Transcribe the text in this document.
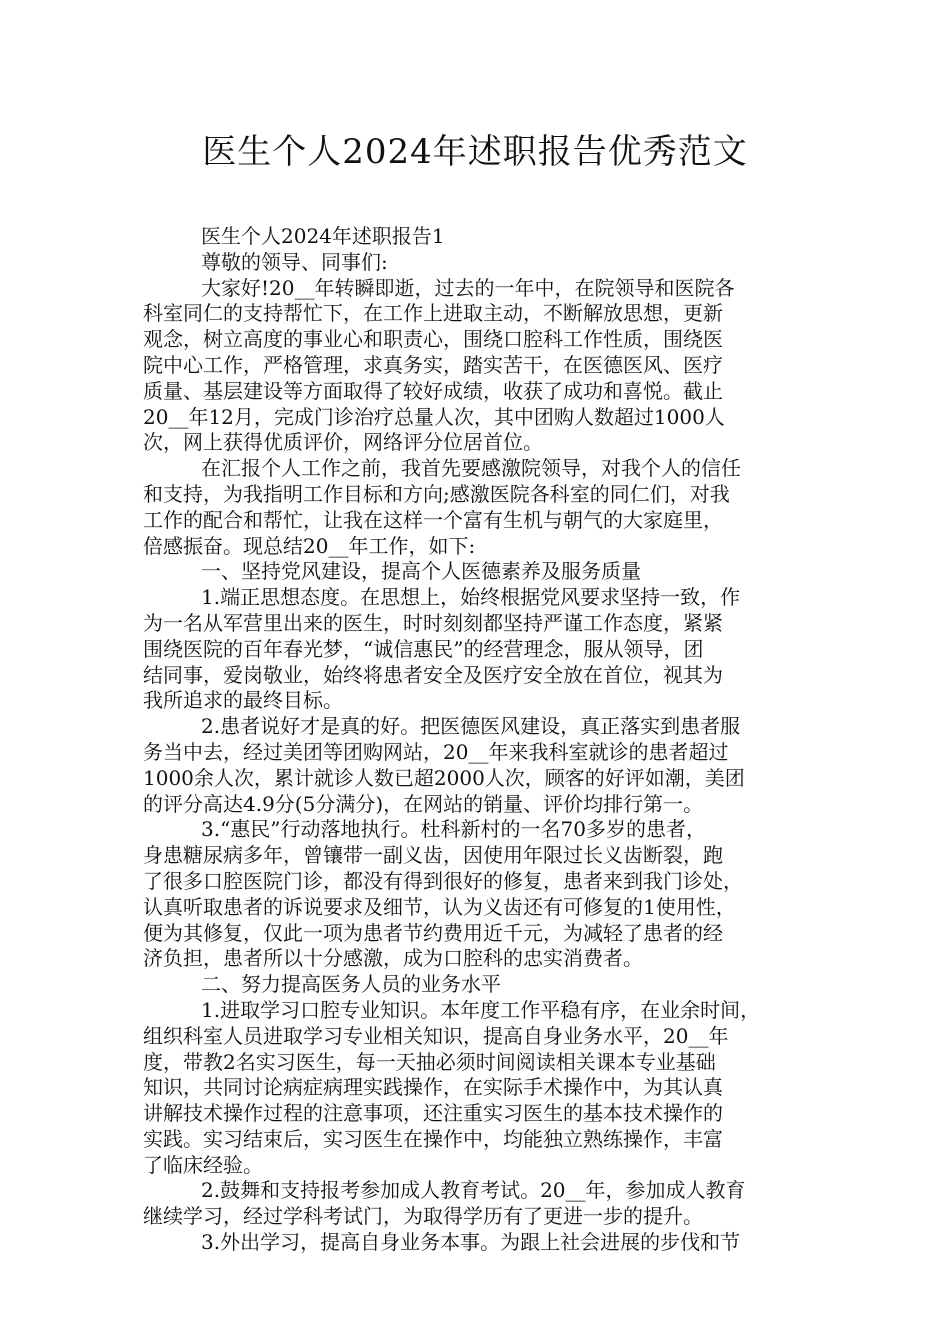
医生个人2024年述职报告优秀范文
医生个人2024年述职报告1
尊敬的领导、同事们:
大家好!20__年转瞬即逝，过去的一年中，在院领导和医院各
科室同仁的支持帮忙下，在工作上进取主动，不断解放思想，更新
观念，树立高度的事业心和职责心，围绕口腔科工作性质，围绕医
院中心工作，严格管理，求真务实，踏实苦干，在医德医风、医疗
质量、基层建设等方面取得了较好成绩，收获了成功和喜悦。截止
20__年12月，完成门诊治疗总量人次，其中团购人数超过1000人
次，网上获得优质评价，网络评分位居首位。
在汇报个人工作之前，我首先要感激院领导，对我个人的信任
和支持，为我指明工作目标和方向;感激医院各科室的同仁们，对我
工作的配合和帮忙，让我在这样一个富有生机与朝气的大家庭里，
倍感振奋。现总结20__年工作，如下:
一、坚持党风建设，提高个人医德素养及服务质量
1.端正思想态度。在思想上，始终根据党风要求坚持一致，作
为一名从军营里出来的医生，时时刻刻都坚持严谨工作态度，紧紧
围绕医院的百年春光梦，“诚信惠民”的经营理念，服从领导，团
结同事，爱岗敬业，始终将患者安全及医疗安全放在首位，视其为
我所追求的最终目标。
2.患者说好才是真的好。把医德医风建设，真正落实到患者服
务当中去，经过美团等团购网站，20__年来我科室就诊的患者超过
1000余人次，累计就诊人数已超2000人次，顾客的好评如潮，美团
的评分高达4.9分(5分满分)，在网站的销量、评价均排行第一。
3.“惠民”行动落地执行。杜科新村的一名70多岁的患者，
身患糖尿病多年，曾镶带一副义齿，因使用年限过长义齿断裂，跑
了很多口腔医院门诊，都没有得到很好的修复，患者来到我门诊处，
认真听取患者的诉说要求及细节，认为义齿还有可修复的1使用性，
便为其修复，仅此一项为患者节约费用近千元，为减轻了患者的经
济负担，患者所以十分感激，成为口腔科的忠实消费者。
二、努力提高医务人员的业务水平
1.进取学习口腔专业知识。本年度工作平稳有序，在业余时间，
组织科室人员进取学习专业相关知识，提高自身业务水平，20__年
度，带教2名实习医生，每一天抽必须时间阅读相关课本专业基础
知识，共同讨论病症病理实践操作，在实际手术操作中，为其认真
讲解技术操作过程的注意事项，还注重实习医生的基本技术操作的
实践。实习结束后，实习医生在操作中，均能独立熟练操作，丰富
了临床经验。
2.鼓舞和支持报考参加成人教育考试。20__年，参加成人教育
继续学习，经过学科考试门，为取得学历有了更进一步的提升。
3.外出学习，提高自身业务本事。为跟上社会进展的步伐和节
